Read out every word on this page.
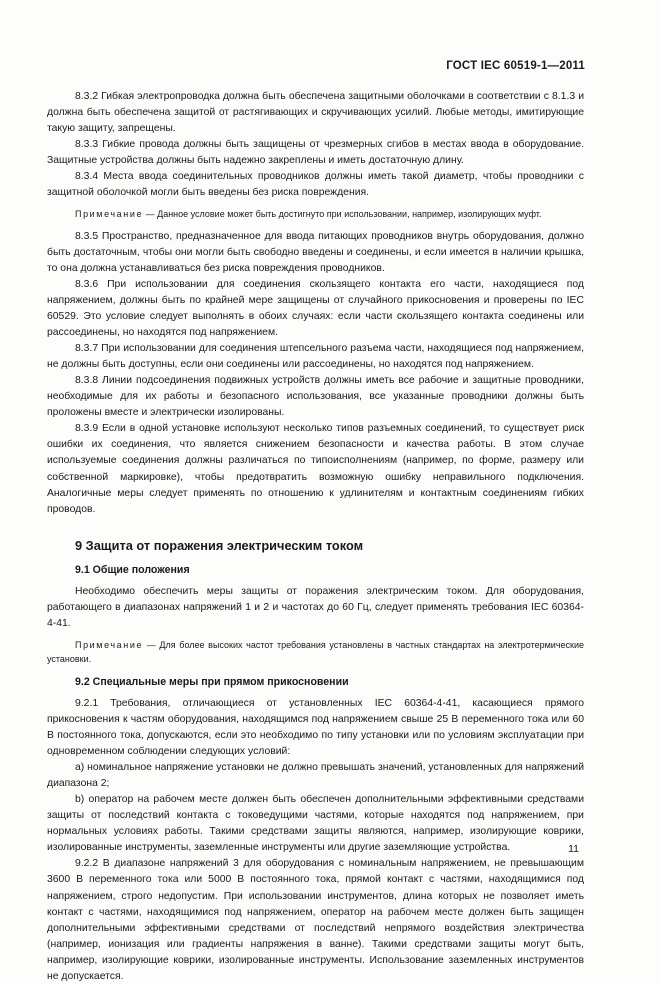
ГОСТ IEC 60519-1—2011

8.3.2 Гибкая электропроводка должна быть обеспечена защитными оболочками в соответствии с 8.1.3 и должна быть обеспечена защитой от растягивающих и скручивающих усилий. Любые методы, имитирующие такую защиту, запрещены.

8.3.3 Гибкие провода должны быть защищены от чрезмерных сгибов в местах ввода в оборудование. Защитные устройства должны быть надежно закреплены и иметь достаточную длину.

8.3.4 Места ввода соединительных проводников должны иметь такой диаметр, чтобы проводники с защитной оболочкой могли быть введены без риска повреждения.

Примечание — Данное условие может быть достигнуто при использовании, например, изолирующих муфт.

8.3.5 Пространство, предназначенное для ввода питающих проводников внутрь оборудования, должно быть достаточным, чтобы они могли быть свободно введены и соединены, и если имеется в наличии крышка, то она должна устанавливаться без риска повреждения проводников.

8.3.6 При использовании для соединения скользящего контакта его части, находящиеся под напряжением, должны быть по крайней мере защищены от случайного прикосновения и проверены по IEC 60529. Это условие следует выполнять в обоих случаях: если части скользящего контакта соединены или рассоединены, но находятся под напряжением.

8.3.7 При использовании для соединения штепсельного разъема части, находящиеся под напряжением, не должны быть доступны, если они соединены или рассоединены, но находятся под напряжением.

8.3.8 Линии подсоединения подвижных устройств должны иметь все рабочие и защитные проводники, необходимые для их работы и безопасного использования, все указанные проводники должны быть проложены вместе и электрически изолированы.

8.3.9 Если в одной установке используют несколько типов разъемных соединений, то существует риск ошибки их соединения, что является снижением безопасности и качества работы. В этом случае используемые соединения должны различаться по типоисполнениям (например, по форме, размеру или собственной маркировке), чтобы предотвратить возможную ошибку неправильного подключения. Аналогичные меры следует применять по отношению к удлинителям и контактным соединениям гибких проводов.

9 Защита от поражения электрическим током
9.1 Общие положения

Необходимо обеспечить меры защиты от поражения электрическим током. Для оборудования, работающего в диапазонах напряжений 1 и 2 и частотах до 60 Гц, следует применять требования IEC 60364-4-41.

Примечание — Для более высоких частот требования установлены в частных стандартах на электротермические установки.

9.2 Специальные меры при прямом прикосновении

9.2.1 Требования, отличающиеся от установленных IEC 60364-4-41, касающиеся прямого прикосновения к частям оборудования, находящимся под напряжением свыше 25 В переменного тока или 60 В постоянного тока, допускаются, если это необходимо по типу установки или по условиям эксплуатации при одновременном соблюдении следующих условий:

a) номинальное напряжение установки не должно превышать значений, установленных для напряжений диапазона 2;

b) оператор на рабочем месте должен быть обеспечен дополнительными эффективными средствами защиты от последствий контакта с токоведущими частями, которые находятся под напряжением, при нормальных условиях работы. Такими средствами защиты являются, например, изолирующие коврики, изолированные инструменты, заземленные инструменты или другие заземляющие устройства.

9.2.2 В диапазоне напряжений 3 для оборудования с номинальным напряжением, не превышающим 3600 В переменного тока или 5000 В постоянного тока, прямой контакт с частями, находящимися под напряжением, строго недопустим. При использовании инструментов, длина которых не позволяет иметь контакт с частями, находящимися под напряжением, оператор на рабочем месте должен быть защищен дополнительными эффективными средствами от последствий непрямого воздействия электричества (например, ионизация или градиенты напряжения в ванне). Такими средствами защиты могут быть, например, изолирующие коврики, изолированные инструменты. Использование заземленных инструментов не допускается.

11
